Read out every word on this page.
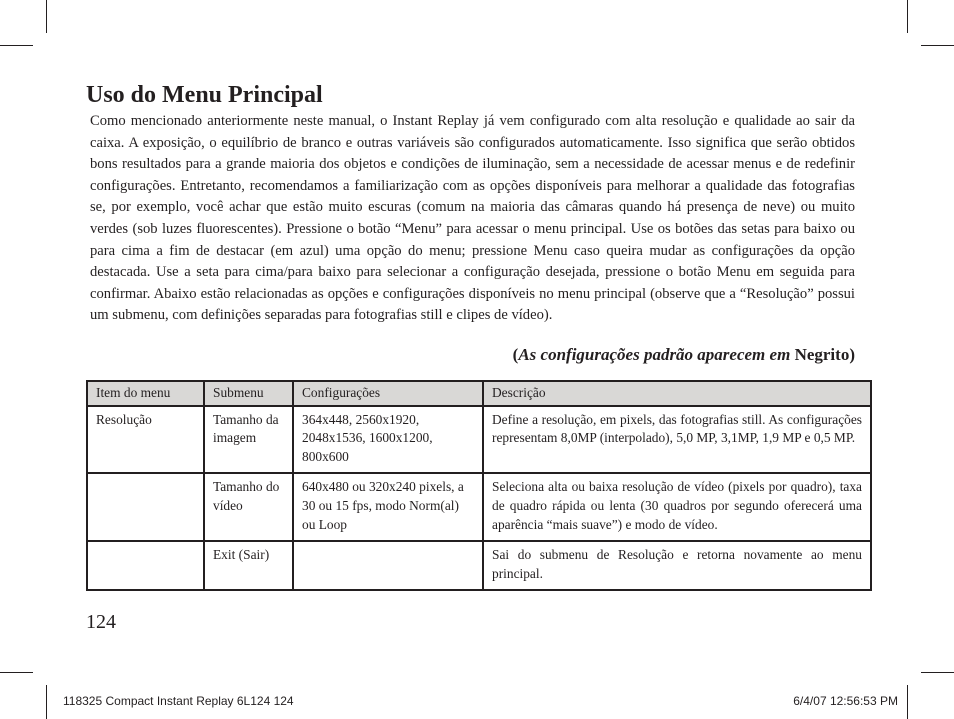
Uso do Menu Principal

Como mencionado anteriormente neste manual, o Instant Replay já vem configurado com alta resolução e qualidade ao sair da caixa. A exposição, o equilíbrio de branco e outras variáveis são configurados automaticamente. Isso significa que serão obtidos bons resultados para a grande maioria dos objetos e condições de iluminação, sem a necessidade de acessar menus e de redefinir configurações. Entretanto, recomendamos a familiarização com as opções disponíveis para melhorar a qualidade das fotografias se, por exemplo, você achar que estão muito escuras (comum na maioria das câmaras quando há presença de neve) ou muito verdes (sob luzes fluorescentes). Pressione o botão “Menu” para acessar o menu principal. Use os botões das setas para baixo ou para cima a fim de destacar (em azul) uma opção do menu; pressione Menu caso queira mudar as configurações da opção destacada. Use a seta para cima/para baixo para selecionar a configuração desejada, pressione o botão Menu em seguida para confirmar. Abaixo estão relacionadas as opções e configurações disponíveis no menu principal (observe que a “Resolução” possui um submenu, com definições separadas para fotografias still e clipes de vídeo).

(As configurações padrão aparecem em Negrito)
Item do menu	Submenu	Configurações	Descrição
Resolução	Tamanho da imagem	364x448, 2560x1920, 2048x1536, 1600x1200, 800x600	Define a resolução, em pixels, das fotografias still. As configurações representam 8,0MP (interpolado), 5,0 MP, 3,1MP, 1,9 MP e 0,5 MP.
	Tamanho do vídeo	640x480 ou 320x240 pixels, a 30 ou 15 fps, modo Norm(al) ou Loop	Seleciona alta ou baixa resolução de vídeo (pixels por quadro), taxa de quadro rápida ou lenta (30 quadros por segundo oferecerá uma aparência “mais suave”) e modo de vídeo.
	Exit (Sair)		Sai do submenu de Resolução e retorna novamente ao menu principal.
124
118325 Compact Instant Replay 6L124 124	6/4/07 12:56:53 PM
